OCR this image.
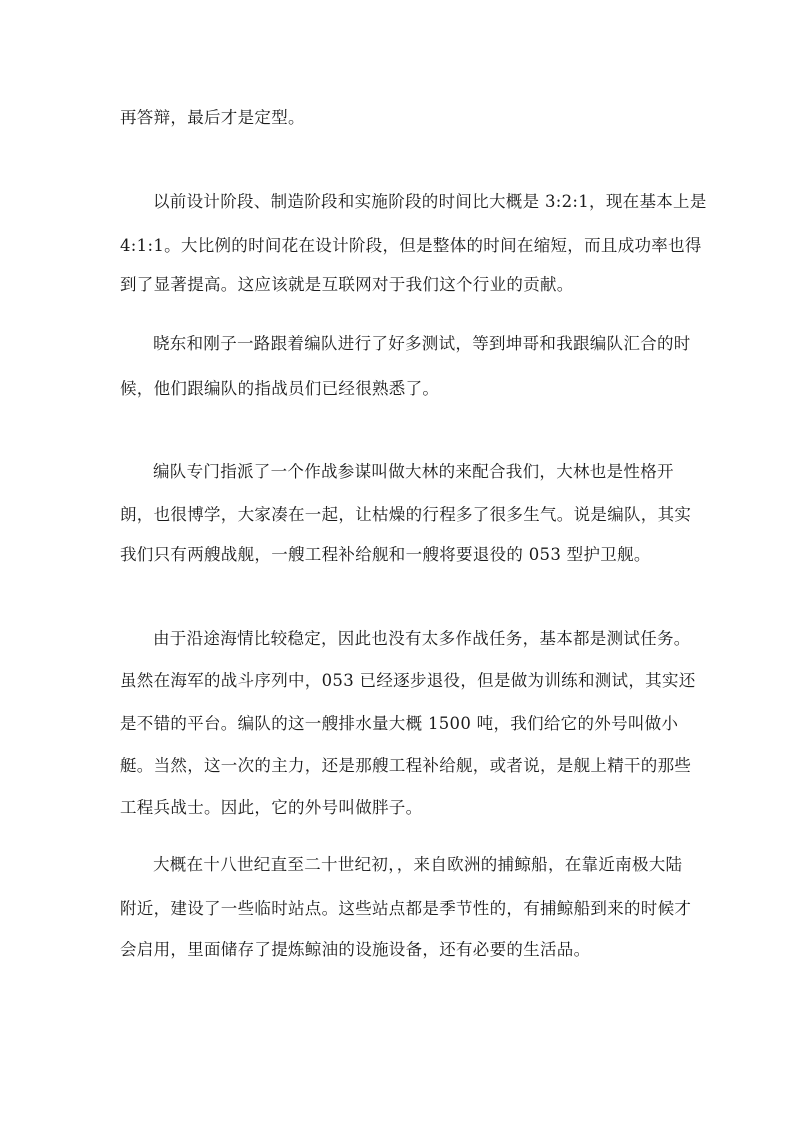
再答辩，最后才是定型。
以前设计阶段、制造阶段和实施阶段的时间比大概是 3:2:1，现在基本上是
4:1:1。大比例的时间花在设计阶段，但是整体的时间在缩短，而且成功率也得
到了显著提高。这应该就是互联网对于我们这个行业的贡献。
晓东和刚子一路跟着编队进行了好多测试，等到坤哥和我跟编队汇合的时
候，他们跟编队的指战员们已经很熟悉了。
编队专门指派了一个作战参谋叫做大林的来配合我们，大林也是性格开
朗，也很博学，大家凑在一起，让枯燥的行程多了很多生气。说是编队，其实
我们只有两艘战舰，一艘工程补给舰和一艘将要退役的 053 型护卫舰。
由于沿途海情比较稳定，因此也没有太多作战任务，基本都是测试任务。
虽然在海军的战斗序列中，053 已经逐步退役，但是做为训练和测试，其实还
是不错的平台。编队的这一艘排水量大概 1500 吨，我们给它的外号叫做小
艇。当然，这一次的主力，还是那艘工程补给舰，或者说，是舰上精干的那些
工程兵战士。因此，它的外号叫做胖子。
大概在十八世纪直至二十世纪初，，来自欧洲的捕鲸船，在靠近南极大陆
附近，建设了一些临时站点。这些站点都是季节性的，有捕鲸船到来的时候才
会启用，里面储存了提炼鲸油的设施设备，还有必要的生活品。
